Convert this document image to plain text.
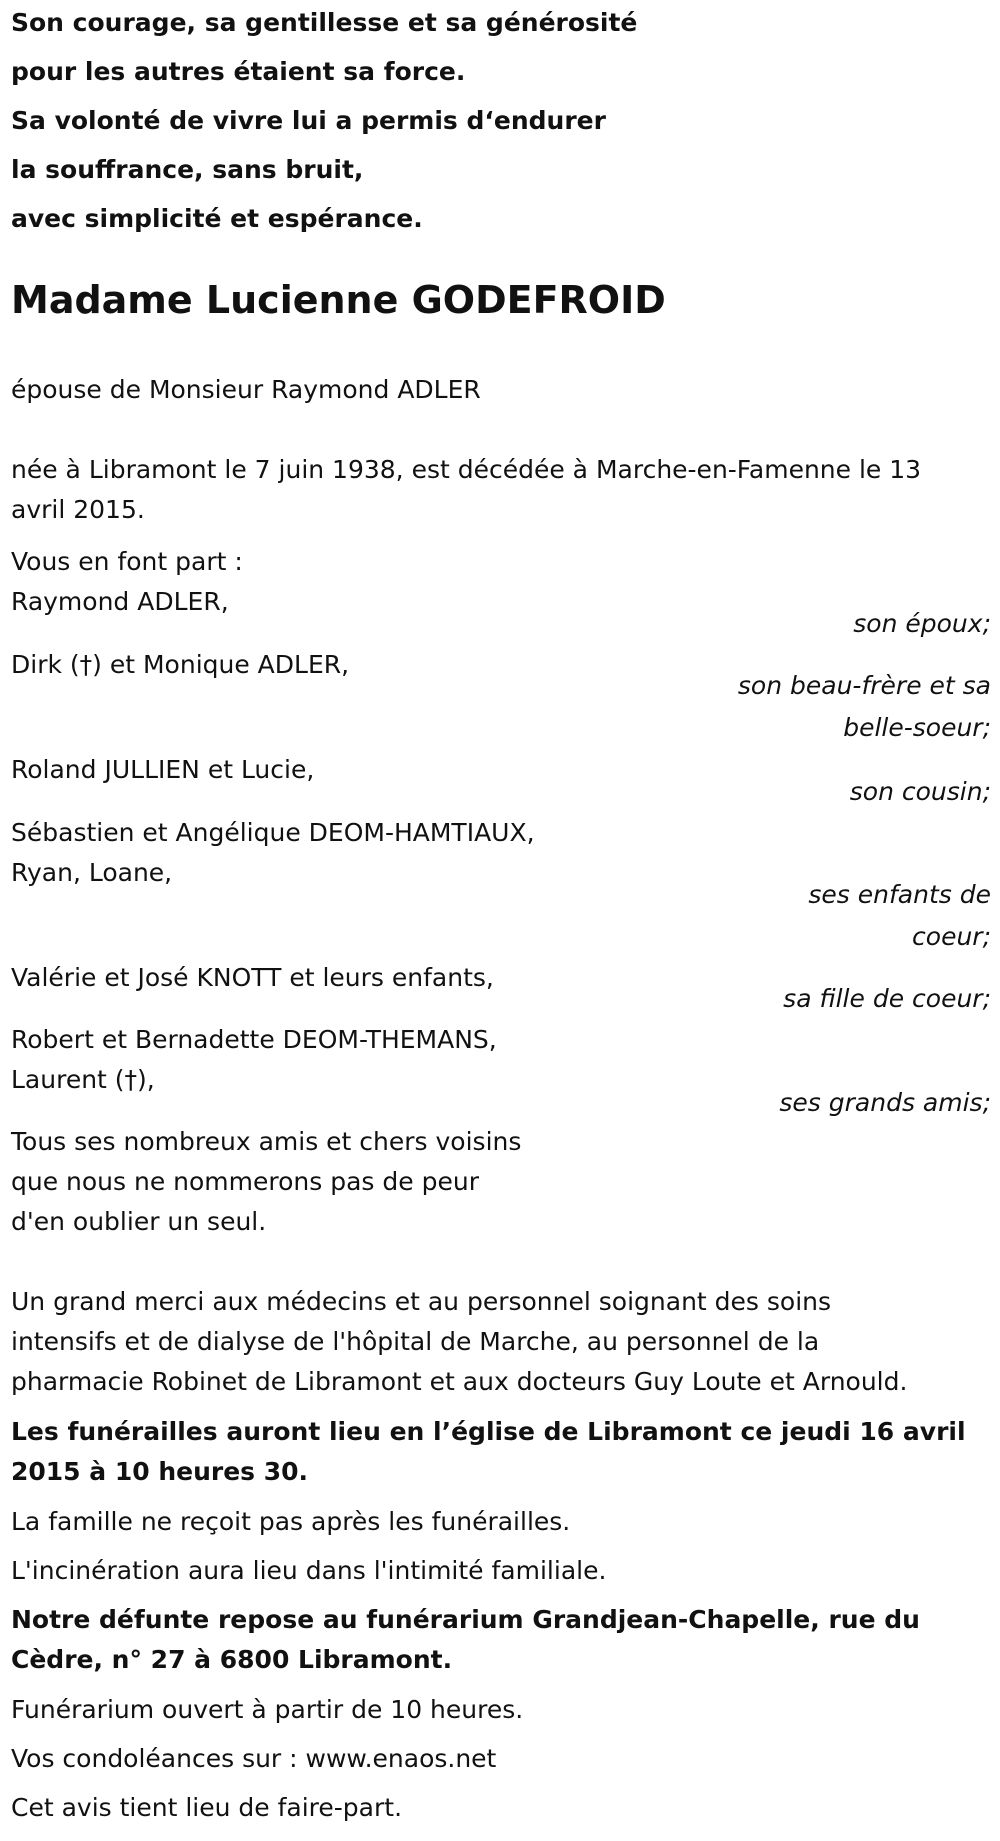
Son courage, sa gentillesse et sa générosité

pour les autres étaient sa force.

Sa volonté de vivre lui a permis d‘endurer

la souffrance, sans bruit,

avec simplicité et espérance.

Madame Lucienne GODEFROID

épouse de Monsieur Raymond ADLER

née à Libramont le 7 juin 1938, est décédée à Marche-en-Famenne le 13

avril 2015.

Vous en font part :

Raymond ADLER,

son époux;

Dirk (†) et Monique ADLER,

son beau-frère et sa

belle-soeur;

Roland JULLIEN et Lucie,

son cousin;

Sébastien et Angélique DEOM-HAMTIAUX,

Ryan, Loane,

ses enfants de

coeur;

Valérie et José KNOTT et leurs enfants,

sa fille de coeur;

Robert et Bernadette DEOM-THEMANS,

Laurent (†),

ses grands amis;

Tous ses nombreux amis et chers voisins

que nous ne nommerons pas de peur

d'en oublier un seul.

Un grand merci aux médecins et au personnel soignant des soins

intensifs et de dialyse de l'hôpital de Marche, au personnel de la

pharmacie Robinet de Libramont et aux docteurs Guy Loute et Arnould.

Les funérailles auront lieu en l’église de Libramont ce jeudi 16 avril

2015 à 10 heures 30.

La famille ne reçoit pas après les funérailles.

L'incinération aura lieu dans l'intimité familiale.

Notre défunte repose au funérarium Grandjean-Chapelle, rue du

Cèdre, n° 27 à 6800 Libramont.

Funérarium ouvert à partir de 10 heures.

Vos condoléances sur : www.enaos.net

Cet avis tient lieu de faire-part.
